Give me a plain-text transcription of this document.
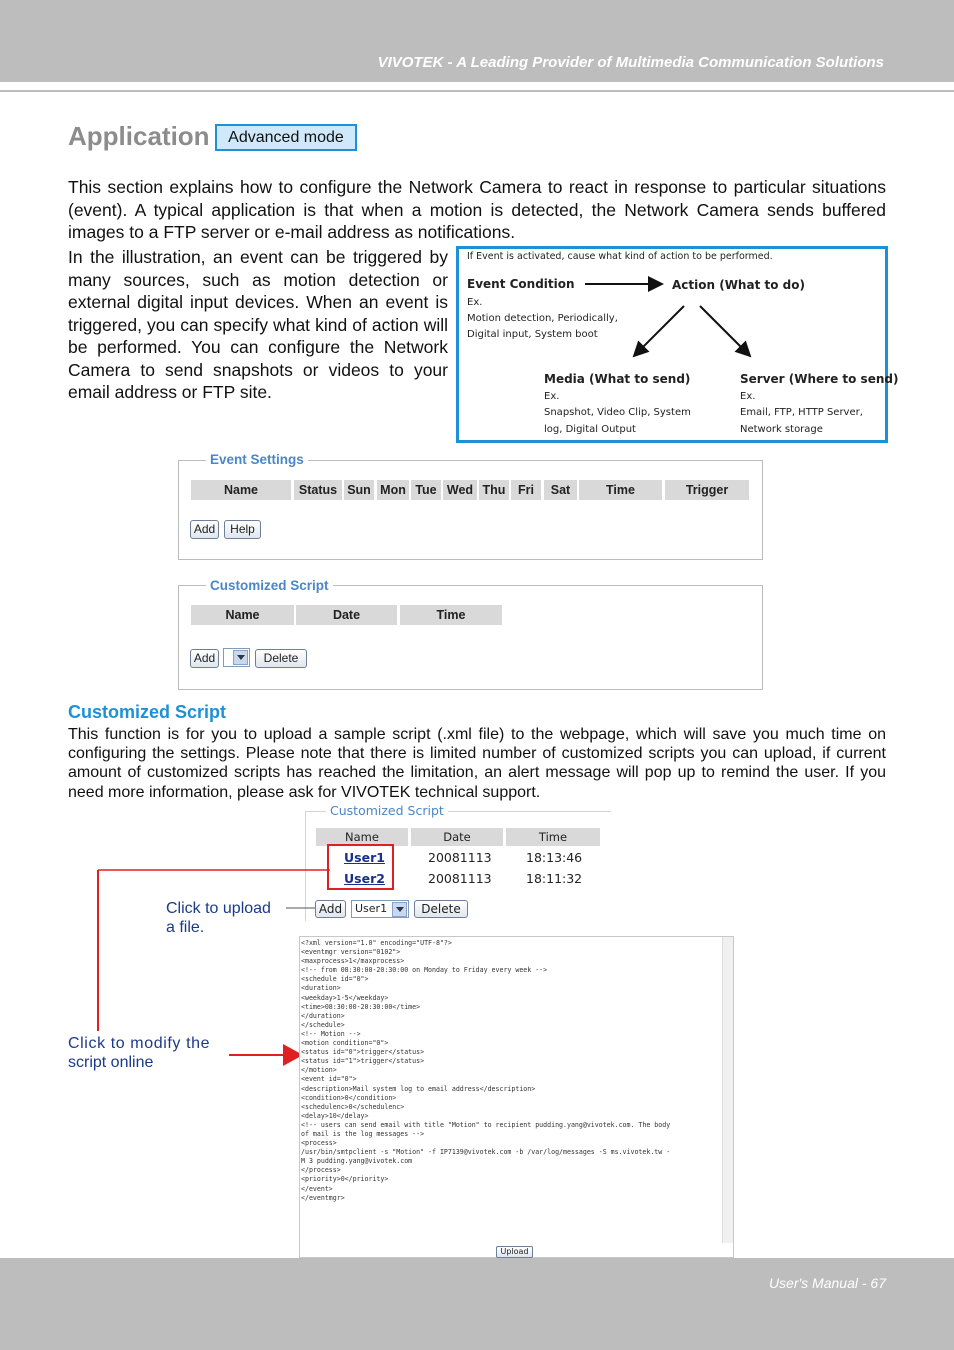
VIVOTEK - A Leading Provider of Multimedia Communication Solutions
Application	Advanced mode

This section explains how to configure the Network Camera to react in response to particular situations (event). A typical application is that when a motion is detected, the Network Camera sends buffered images to a FTP server or e-mail address as notifications.

In the illustration, an event can be triggered by many sources, such as motion detection or external digital input devices. When an event is triggered, you can specify what kind of action will be performed. You can configure the Network Camera to send snapshots or videos to your email address or FTP site.

If Event is activated, cause what kind of action to be performed.
Event Condition	Action (What to do)
Ex.
Motion detection, Periodically,
Digital input, System boot
Media (What to send)
Ex.
Snapshot, Video Clip, System
log, Digital Output
Server (Where to send)
Ex.
Email, FTP, HTTP Server,
Network storage
Event Settings
Name	Status Sun Mon Tue Wed Thu	Fri	Sat	Time	Trigger
Add	Help
Customized Script
Name	Date	Time
Add	Delete
Customized Script

This function is for you to upload a sample script (.xml file) to the webpage, which will save you much time on configuring the settings. Please note that there is limited number of customized scripts you can upload, if current amount of customized scripts has reached the limitation, an alert message will pop up to remind the user. If you need more information, please ask for VIVOTEK technical support.

Customized Script
Name	Date	Time
User1	20081113	18:13:46
User2	20081113	18:11:32
Add	User1	Delete
Click to upload
a file.
Click to modify the
script online
<?xml version="1.0" encoding="UTF-8"?>
<eventmgr version="0102">
<maxprocess>1</maxprocess>
<!-- from 08:30:00-20:30:00 on Monday to Friday every week -->
<schedule id="0">
<duration>
<weekday>1-5</weekday>
<time>08:30:00-20:30:00</time>
</duration>
</schedule>
<!-- Motion -->
<motion condition="0">
<status id="0">trigger</status>
<status id="1">trigger</status>
</motion>
<event id="0">
<description>Mail system log to email address</description>
<condition>0</condition>
<schedulenc>0</schedulenc>
<delay>10</delay>
<!-- users can send email with title "Motion" to recipient pudding.yang@vivotek.com. The body
of mail is the log messages -->
<process>
/usr/bin/smtpclient -s "Motion" -f IP7139@vivotek.com -b /var/log/messages -S ms.vivotek.tw -
M 3 pudding.yang@vivotek.com
</process>
<priority>0</priority>
</event>
</eventmgr>
Upload
User's Manual - 67
